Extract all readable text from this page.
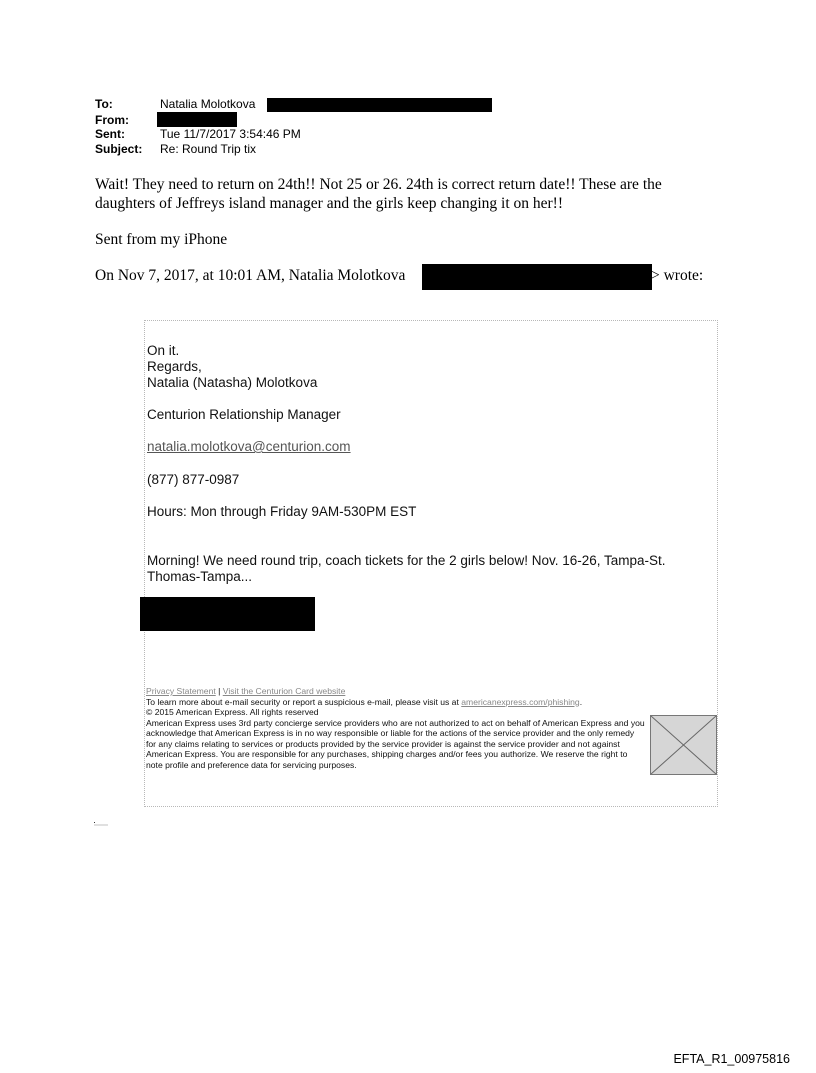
To:	Natalia Molotkova
From:
Sent:	Tue 11/7/2017 3:54:46 PM
Subject: Re: Round Trip tix
Wait! They need to return on 24th!! Not 25 or 26. 24th is correct return date!! These are the daughters of Jeffreys island manager and the girls keep changing it on her!!
Sent from my iPhone
On Nov 7, 2017, at 10:01 AM, Natalia Molotkova	> wrote:
On it.
Regards,
Natalia (Natasha) Molotkova
Centurion Relationship Manager
natalia.molotkova@centurion.com
(877) 877-0987
Hours: Mon through Friday 9AM-530PM EST
Morning! We need round trip, coach tickets for the 2 girls below! Nov. 16-26, Tampa-St.
Thomas-Tampa...
Privacy Statement | Visit the Centurion Card website
To learn more about e-mail security or report a suspicious e-mail, please visit us at americanexpress.com/phishing.
© 2015 American Express. All rights reserved
American Express uses 3rd party concierge service providers who are not authorized to act on behalf of American Express and you acknowledge that American Express is in no way responsible or liable for the actions of the service provider and the only remedy for any claims relating to services or products provided by the service provider is against the service provider and not against American Express. You are responsible for any purchases, shipping charges and/or fees you authorize. We reserve the right to note profile and preference data for servicing purposes.
EFTA_R1_00975816
